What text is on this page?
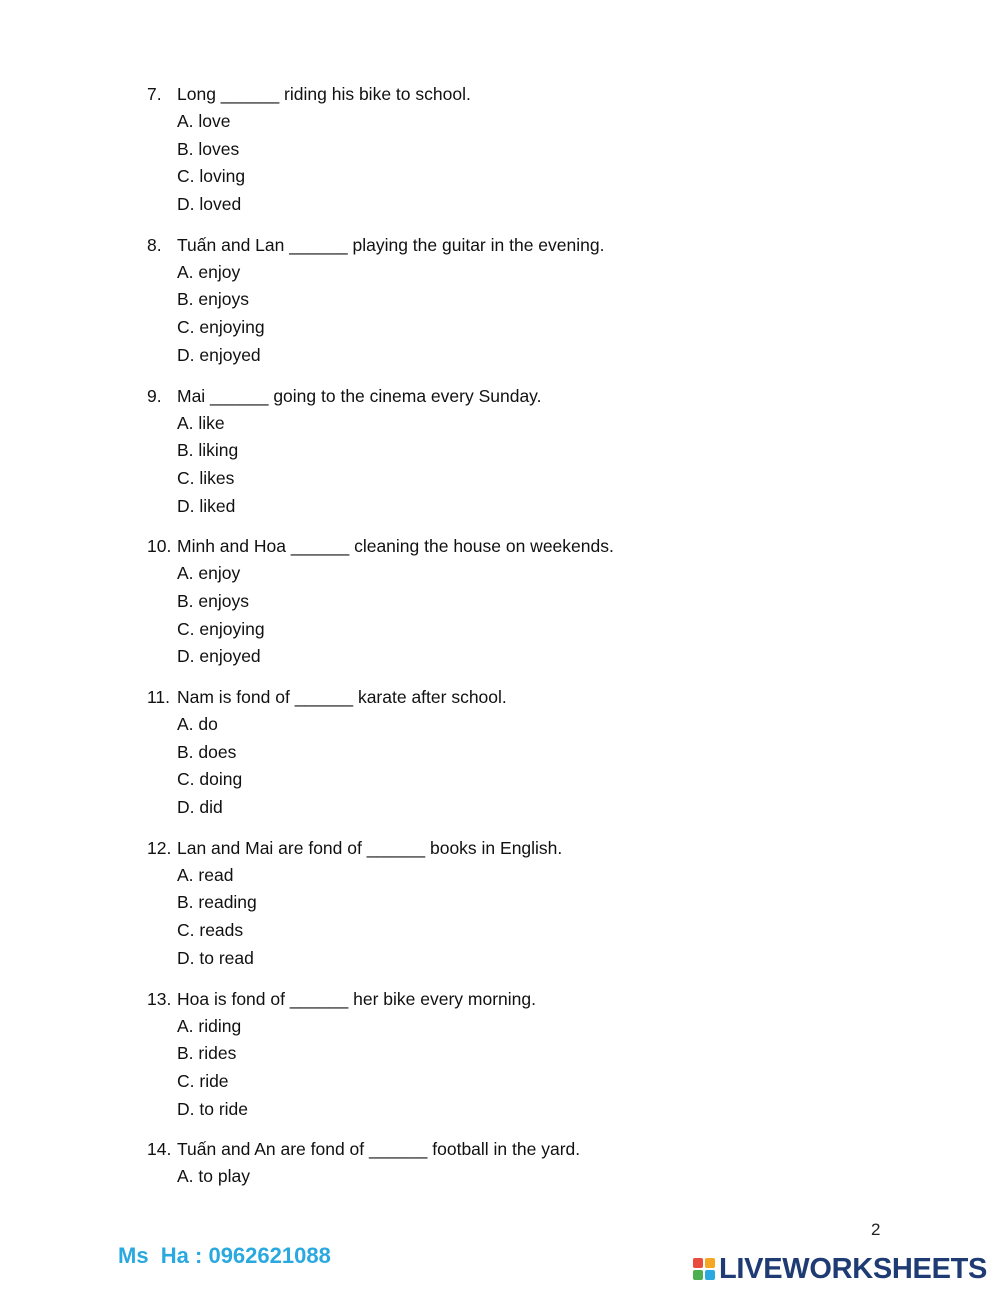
7. Long ______ riding his bike to school.
A. love
B. loves
C. loving
D. loved
8. Tuấn and Lan ______ playing the guitar in the evening.
A. enjoy
B. enjoys
C. enjoying
D. enjoyed
9. Mai ______ going to the cinema every Sunday.
A. like
B. liking
C. likes
D. liked
10. Minh and Hoa ______ cleaning the house on weekends.
A. enjoy
B. enjoys
C. enjoying
D. enjoyed
11. Nam is fond of ______ karate after school.
A. do
B. does
C. doing
D. did
12. Lan and Mai are fond of ______ books in English.
A. read
B. reading
C. reads
D. to read
13. Hoa is fond of ______ her bike every morning.
A. riding
B. rides
C. ride
D. to ride
14. Tuấn and An are fond of ______ football in the yard.
A. to play
2
Ms  Ha : 0962621088	LIVEWORKSHEETS
